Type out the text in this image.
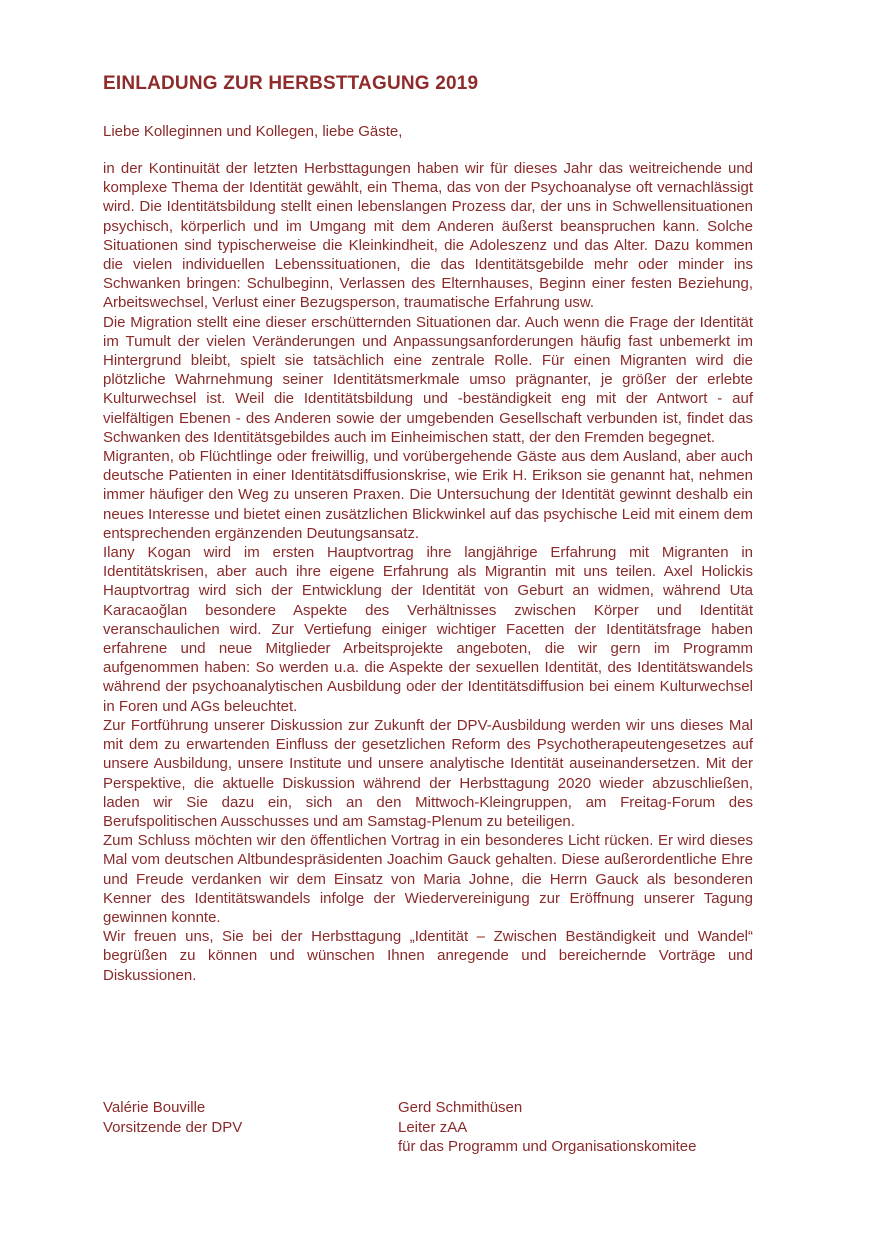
EINLADUNG ZUR HERBSTTAGUNG 2019
Liebe Kolleginnen und Kollegen, liebe Gäste,

in der Kontinuität der letzten Herbsttagungen haben wir für dieses Jahr das weitreichende und komplexe Thema der Identität gewählt, ein Thema, das von der Psychoanalyse oft vernachlässigt wird. Die Identitätsbildung stellt einen lebenslangen Prozess dar, der uns in Schwellensituationen psychisch, körperlich und im Umgang mit dem Anderen äußerst beanspruchen kann. Solche Situationen sind typischerweise die Kleinkindheit, die Adoleszenz und das Alter. Dazu kommen die vielen individuellen Lebenssituationen, die das Identitätsgebilde mehr oder minder ins Schwanken bringen: Schulbeginn, Verlassen des Elternhauses, Beginn einer festen Beziehung, Arbeitswechsel, Verlust einer Bezugsperson, traumatische Erfahrung usw.

Die Migration stellt eine dieser erschütternden Situationen dar. Auch wenn die Frage der Identität im Tumult der vielen Veränderungen und Anpassungsanforderungen häufig fast unbemerkt im Hintergrund bleibt, spielt sie tatsächlich eine zentrale Rolle. Für einen Migranten wird die plötzliche Wahrnehmung seiner Identitätsmerkmale umso prägnanter, je größer der erlebte Kulturwechsel ist. Weil die Identitätsbildung und -beständigkeit eng mit der Antwort - auf vielfältigen Ebenen - des Anderen sowie der umgebenden Gesellschaft verbunden ist, findet das Schwanken des Identitätsgebildes auch im Einheimischen statt, der den Fremden begegnet.

Migranten, ob Flüchtlinge oder freiwillig, und vorübergehende Gäste aus dem Ausland, aber auch deutsche Patienten in einer Identitätsdiffusionskrise, wie Erik H. Erikson sie genannt hat, nehmen immer häufiger den Weg zu unseren Praxen. Die Untersuchung der Identität gewinnt deshalb ein neues Interesse und bietet einen zusätzlichen Blickwinkel auf das psychische Leid mit einem dem entsprechenden ergänzenden Deutungsansatz.

Ilany Kogan wird im ersten Hauptvortrag ihre langjährige Erfahrung mit Migranten in Identitätskrisen, aber auch ihre eigene Erfahrung als Migrantin mit uns teilen. Axel Holickis Hauptvortrag wird sich der Entwicklung der Identität von Geburt an widmen, während Uta Karacaoğlan besondere Aspekte des Verhältnisses zwischen Körper und Identität veranschaulichen wird. Zur Vertiefung einiger wichtiger Facetten der Identitätsfrage haben erfahrene und neue Mitglieder Arbeitsprojekte angeboten, die wir gern im Programm aufgenommen haben: So werden u.a. die Aspekte der sexuellen Identität, des Identitätswandels während der psychoanalytischen Ausbildung oder der Identitätsdiffusion bei einem Kulturwechsel in Foren und AGs beleuchtet.

Zur Fortführung unserer Diskussion zur Zukunft der DPV-Ausbildung werden wir uns dieses Mal mit dem zu erwartenden Einfluss der gesetzlichen Reform des Psychotherapeutengesetzes auf unsere Ausbildung, unsere Institute und unsere analytische Identität auseinandersetzen. Mit der Perspektive, die aktuelle Diskussion während der Herbsttagung 2020 wieder abzuschließen, laden wir Sie dazu ein, sich an den Mittwoch-Kleingruppen, am Freitag-Forum des Berufspolitischen Ausschusses und am Samstag-Plenum zu beteiligen.

Zum Schluss möchten wir den öffentlichen Vortrag in ein besonderes Licht rücken. Er wird dieses Mal vom deutschen Altbundespräsidenten Joachim Gauck gehalten. Diese außerordentliche Ehre und Freude verdanken wir dem Einsatz von Maria Johne, die Herrn Gauck als besonderen Kenner des Identitätswandels infolge der Wiedervereinigung zur Eröffnung unserer Tagung gewinnen konnte.

Wir freuen uns, Sie bei der Herbsttagung „Identität – Zwischen Beständigkeit und Wandel“ begrüßen zu können und wünschen Ihnen anregende und bereichernde Vorträge und Diskussionen.

Valérie Bouville
Vorsitzende der DPV
Gerd Schmithüsen
Leiter zAA
für das Programm und Organisationskomitee
